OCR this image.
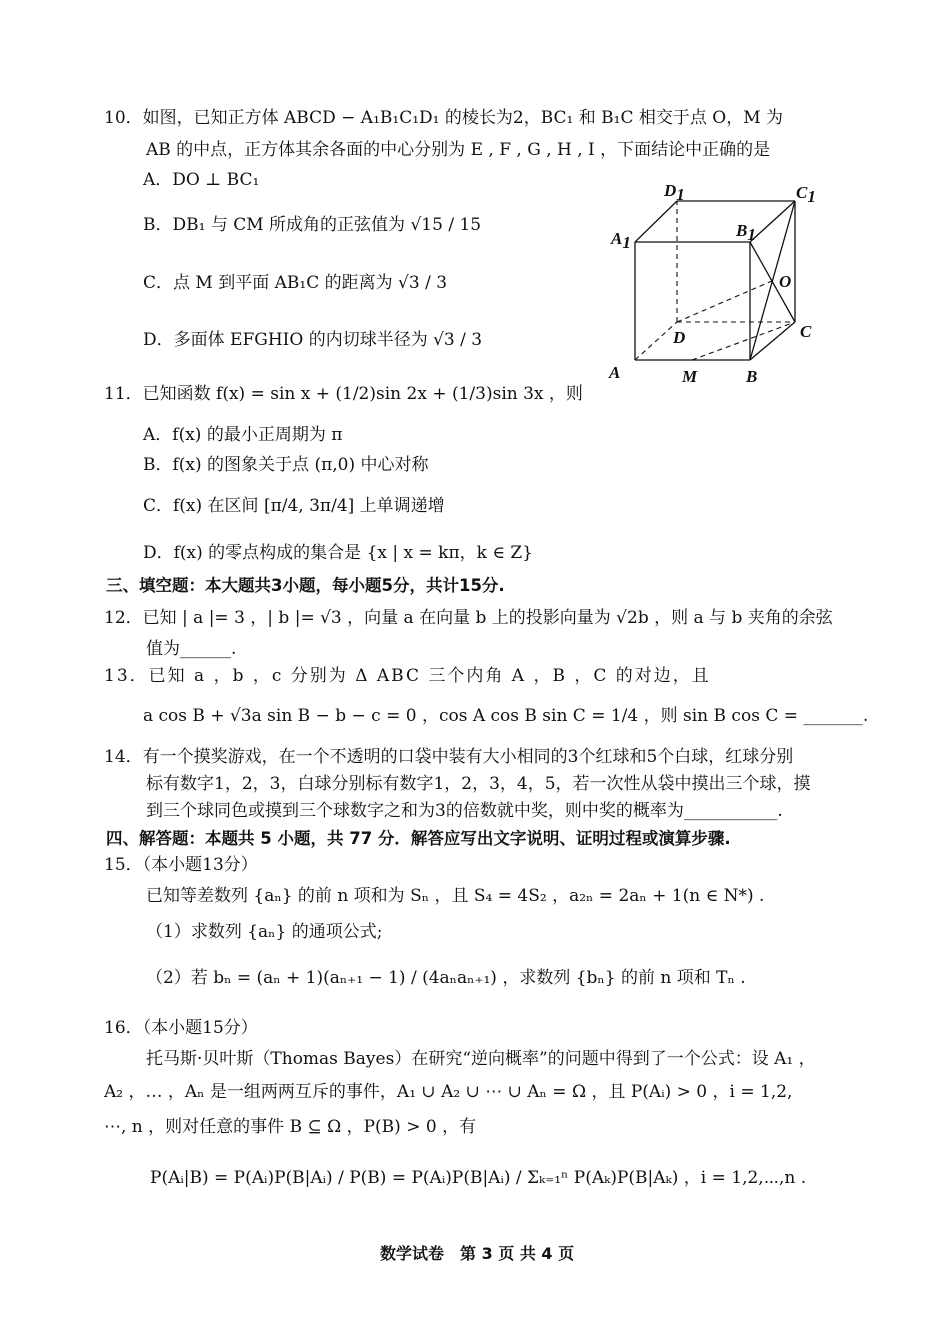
10．如图，已知正方体 ABCD − A₁B₁C₁D₁ 的棱长为2，BC₁ 和 B₁C 相交于点 O，M 为
AB 的中点，正方体其余各面的中心分别为 E , F , G , H , I ，下面结论中正确的是
A．DO ⊥ BC₁
B．DB₁ 与 CM 所成角的正弦值为 √15 / 15
C．点 M 到平面 AB₁C 的距离为 √3 / 3
D．多面体 EFGHIO 的内切球半径为 √3 / 3
D1	C1
A1
B1
O
D	C
A	M	B
11．已知函数 f(x) = sin x + (1/2)sin 2x + (1/3)sin 3x ，则
A．f(x) 的最小正周期为 π
B．f(x) 的图象关于点 (π,0) 中心对称
C．f(x) 在区间 [π/4, 3π/4] 上单调递增
D．f(x) 的零点构成的集合是 {x | x = kπ，k ∈ Z}
三、填空题：本大题共3小题，每小题5分，共计15分.
12．已知 | a |= 3 ，| b |= √3 ，向量 a 在向量 b 上的投影向量为 √2b ，则 a 与 b 夹角的余弦
值为______.
13．已知 a ，b ，c 分别为 Δ ABC 三个内角 A ，B ，C 的对边，且
a cos B + √3a sin B − b − c = 0 ，cos A cos B sin C = 1/4 ，则 sin B cos C = _______.
14．有一个摸奖游戏，在一个不透明的口袋中装有大小相同的3个红球和5个白球，红球分别
标有数字1，2，3，白球分别标有数字1，2，3，4，5，若一次性从袋中摸出三个球，摸
到三个球同色或摸到三个球数字之和为3的倍数就中奖，则中奖的概率为___________.
四、解答题：本题共 5 小题，共 77 分．解答应写出文字说明、证明过程或演算步骤.
15．（本小题13分）
已知等差数列 {aₙ} 的前 n 项和为 Sₙ ，且 S₄ = 4S₂ ，a₂ₙ = 2aₙ + 1(n ∈ N*) .
（1）求数列 {aₙ} 的通项公式;
（2）若 bₙ = (aₙ + 1)(aₙ₊₁ − 1) / (4aₙaₙ₊₁) ，求数列 {bₙ} 的前 n 项和 Tₙ .
16．（本小题15分）
托马斯·贝叶斯（Thomas Bayes）在研究“逆向概率”的问题中得到了一个公式：设 A₁ ，
A₂ ，… ，Aₙ 是一组两两互斥的事件，A₁ ∪ A₂ ∪ ⋯ ∪ Aₙ = Ω ，且 P(Aᵢ) > 0 ，i = 1,2,
⋯, n ，则对任意的事件 B ⊆ Ω ，P(B) > 0 ，有
P(Aᵢ|B) = P(Aᵢ)P(B|Aᵢ) / P(B) = P(Aᵢ)P(B|Aᵢ) / Σₖ₌₁ⁿ P(Aₖ)P(B|Aₖ) ，i = 1,2,⋯,n .
数学试卷　第 3 页 共 4 页
